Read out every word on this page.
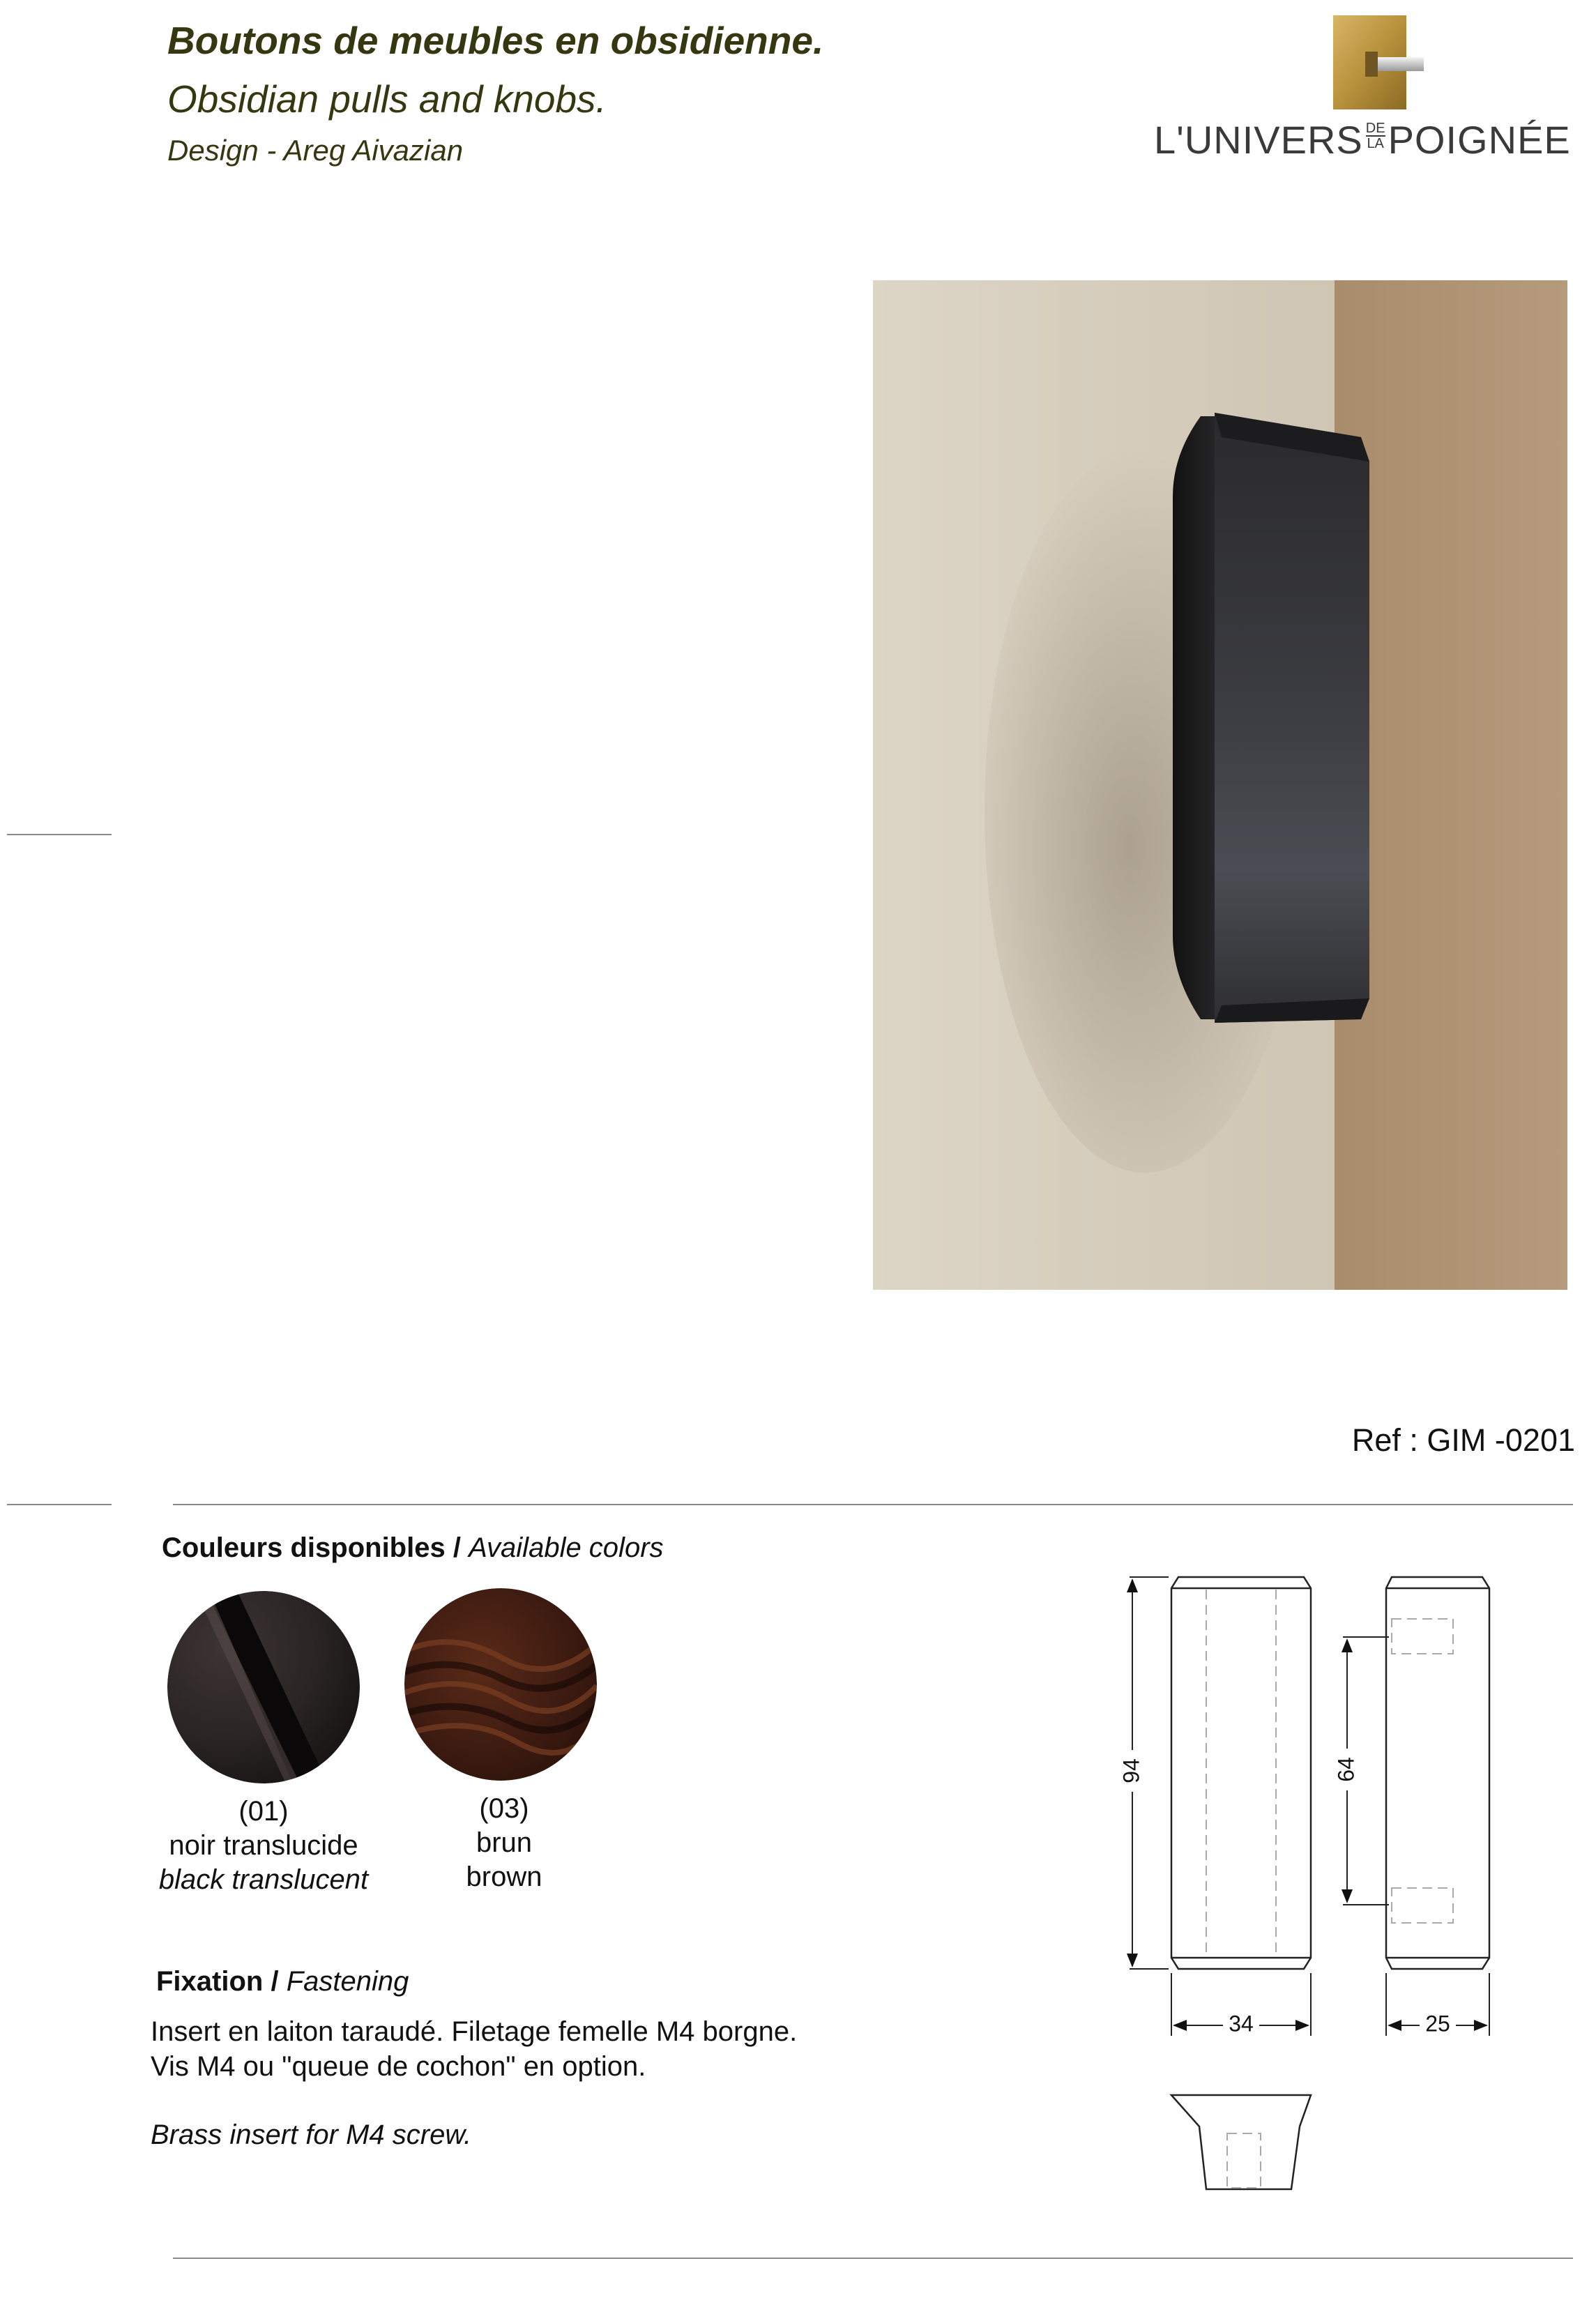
Boutons de meubles en obsidienne.
Obsidian pulls and knobs.
Design - Areg Aivazian	L'UNIVERS $\frac{DE}{LA}$ POIGNÉE
Ref : GIM -0201
Couleurs disponibles / Available colors
(01)
noir translucide
black translucent
(03)
brun
brown
Fixation / Fastening
Insert en laiton taraudé. Filetage femelle M4 borgne.
Vis M4 ou "queue de cochon" en option.
Brass insert for M4 screw.
94	64
34	25
